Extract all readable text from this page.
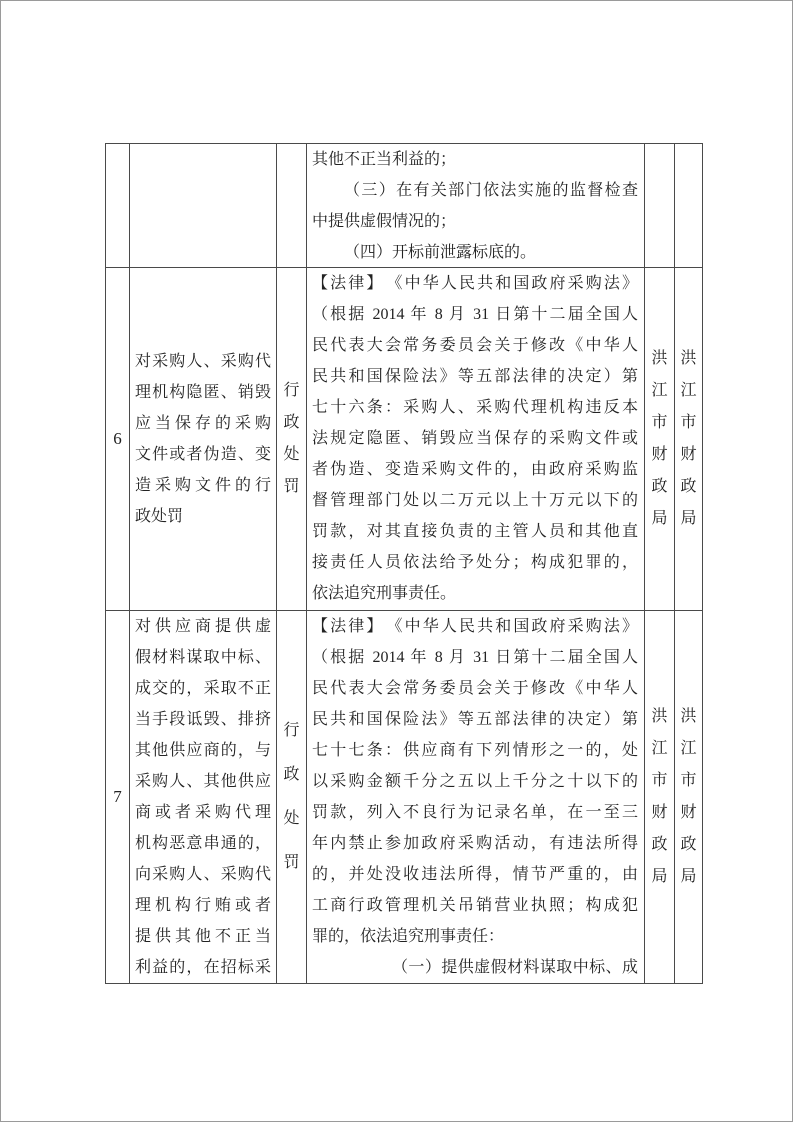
其他不正当利益的；
（三）在有关部门依法实施的监督检查
中提供虚假情况的；
（四）开标前泄露标底的。
6
对采购人、采购代
理机构隐匿、销毁
应当保存的采购
文件或者伪造、变
造采购文件的行
政处罚
行
政
处
罚
【法律】　《中华人民共和国政府采购法》
（根据 2014 年 8 月 31 日第十二届全国人
民代表大会常务委员会关于修改《中华人
民共和国保险法》等五部法律的决定）第
七十六条：采购人、采购代理机构违反本
法规定隐匿、销毁应当保存的采购文件或
者伪造、变造采购文件的，由政府采购监
督管理部门处以二万元以上十万元以下的
罚款，对其直接负责的主管人员和其他直
接责任人员依法给予处分；构成犯罪的，
依法追究刑事责任。
洪
江
市
财
政
局
洪
江
市
财
政
局
7
对供应商提供虚
假材料谋取中标、
成交的，采取不正
当手段诋毁、排挤
其他供应商的，与
采购人、其他供应
商或者采购代理
机构恶意串通的，
向采购人、采购代
理机构行贿或者
提供其他不正当
利益的，在招标采
行
政
处
罚
【法律】　《中华人民共和国政府采购法》
（根据 2014 年 8 月 31 日第十二届全国人
民代表大会常务委员会关于修改《中华人
民共和国保险法》等五部法律的决定）第
七十七条：供应商有下列情形之一的，处
以采购金额千分之五以上千分之十以下的
罚款，列入不良行为记录名单，在一至三
年内禁止参加政府采购活动，有违法所得
的，并处没收违法所得，情节严重的，由
工商行政管理机关吊销营业执照；构成犯
罪的，依法追究刑事责任：
（一）提供虚假材料谋取中标、成
洪
江
市
财
政
局
洪
江
市
财
政
局
